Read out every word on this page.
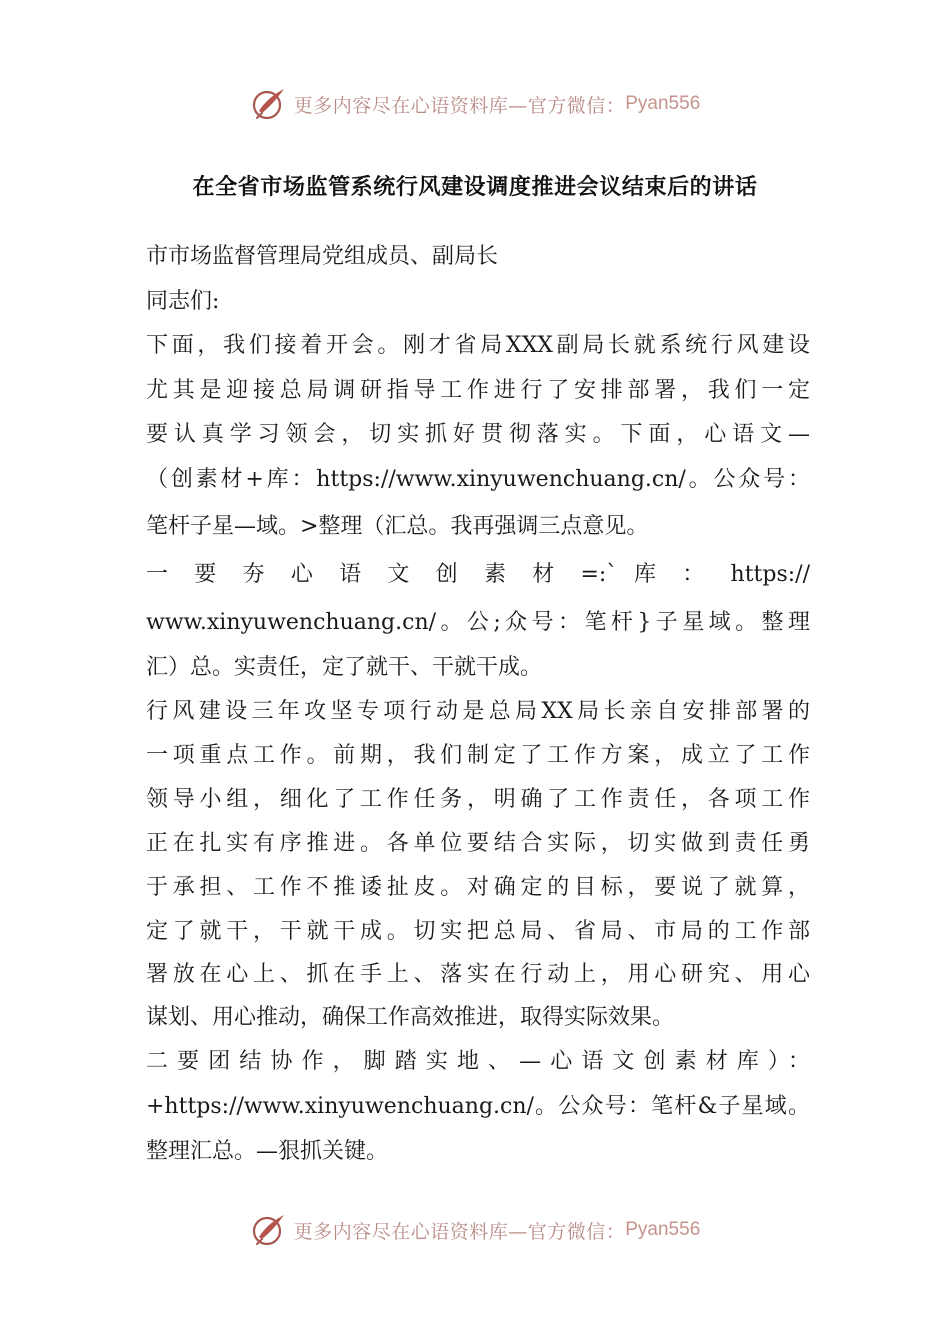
更多内容尽在心语资料库—官方微信： Pyan556
在全省市场监管系统行风建设调度推进会议结束后的讲话
市市场监督管理局党组成员、副局长
同志们:
下面，我们接着开会。刚才省局XXX副局长就系统行风建设
尤其是迎接总局调研指导工作进行了安排部署，我们一定
要认真学习领会，切实抓好贯彻落实。下面，心语文—
（创素材+库：https://www.xinyuwenchuang.cn/。公众号：
笔杆子星—域。>整理（汇总。我再强调三点意见。
一 要 夯 心 语 文 创 素 材 =:` 库 ： https://
www.xinyuwenchuang.cn/。公;众号：笔杆}子星域。整理
汇）总。实责任，定了就干、干就干成。
行风建设三年攻坚专项行动是总局XX局长亲自安排部署的
一项重点工作。前期，我们制定了工作方案，成立了工作
领导小组，细化了工作任务，明确了工作责任，各项工作
正在扎实有序推进。各单位要结合实际，切实做到责任勇
于承担、工作不推诿扯皮。对确定的目标，要说了就算，
定了就干，干就干成。切实把总局、省局、市局的工作部
署放在心上、抓在手上、落实在行动上，用心研究、用心
谋划、用心推动，确保工作高效推进，取得实际效果。
二要团结协作，脚踏实地、—心语文创素材库）：
+https://www.xinyuwenchuang.cn/。公众号：笔杆&子星域。
整理汇总。—狠抓关键。
更多内容尽在心语资料库—官方微信： Pyan556
